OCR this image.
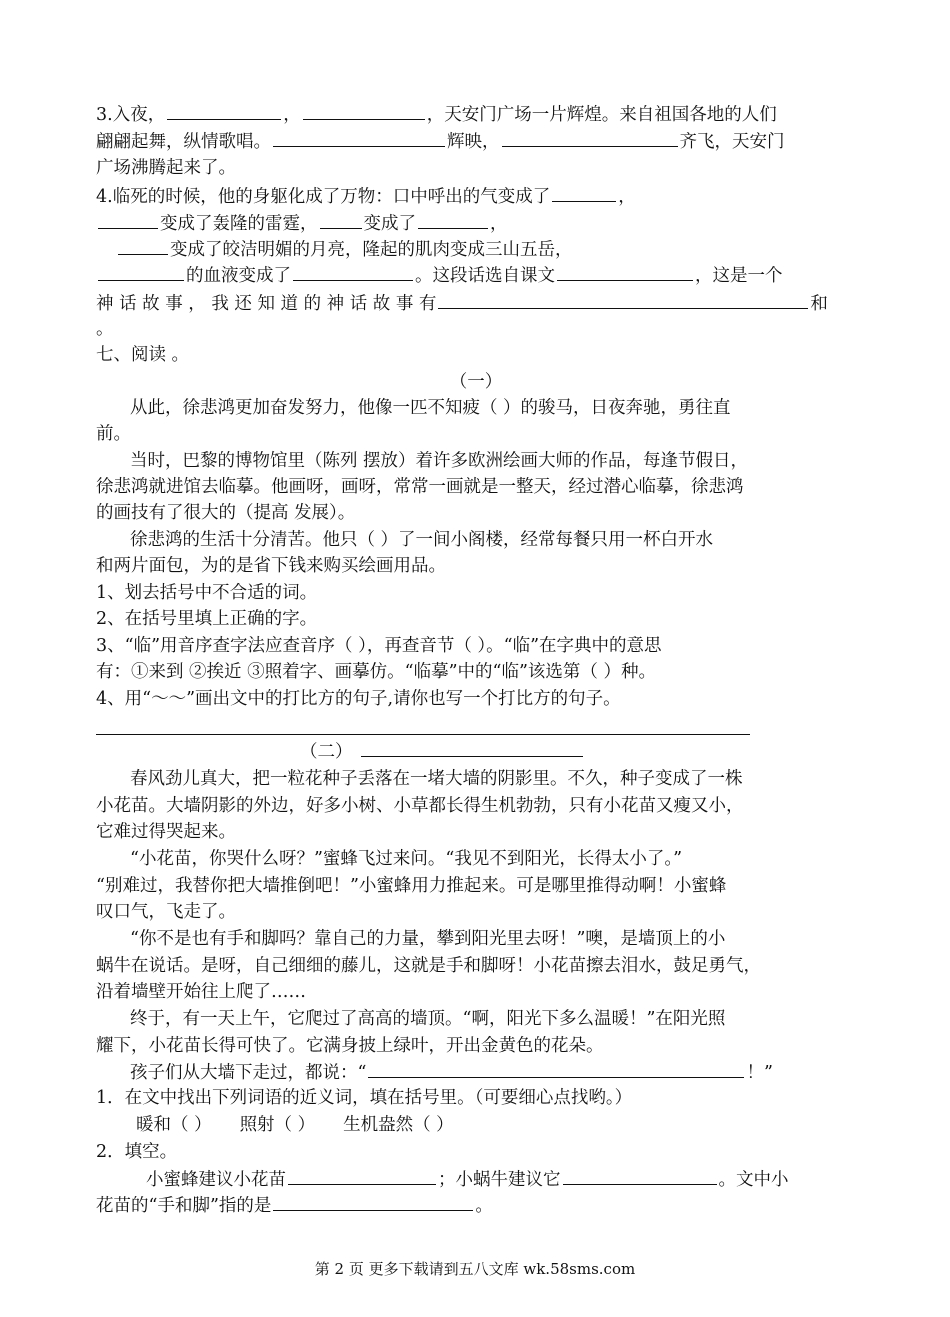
3.入夜，	，	，天安门广场一片辉煌。来自祖国各地的人们
翩翩起舞，纵情歌唱。	辉映，	齐飞，天安门
广场沸腾起来了。
4.临死的时候，他的身躯化成了万物：口中呼出的气变成了	，
变成了轰隆的雷霆，	变成了	，
变成了皎洁明媚的月亮，隆起的肌肉变成三山五岳，
的血液变成了	。这段话选自课文	，这是一个
神 话 故 事 ， 我 还 知 道 的 神 话 故 事 有	和
。
七、阅读 。
（一）
从此，徐悲鸿更加奋发努力，他像一匹不知疲（ ）的骏马，日夜奔驰，勇往直
前。
当时，巴黎的博物馆里（陈列 摆放）着许多欧洲绘画大师的作品，每逢节假日，
徐悲鸿就进馆去临摹。他画呀，画呀，常常一画就是一整天，经过潜心临摹，徐悲鸿
的画技有了很大的（提高 发展）。
徐悲鸿的生活十分清苦。他只（ ）了一间小阁楼，经常每餐只用一杯白开水
和两片面包，为的是省下钱来购买绘画用品。
1、划去括号中不合适的词。
2、在括号里填上正确的字。
3、“临”用音序查字法应查音序（ ），再查音节（ ）。“临”在字典中的意思
有：①来到 ②挨近 ③照着字、画摹仿。“临摹”中的“临”该选第（ ）种。
4、用“～～”画出文中的打比方的句子,请你也写一个打比方的句子。
（二）
春风劲儿真大，把一粒花种子丢落在一堵大墙的阴影里。不久，种子变成了一株
小花苗。大墙阴影的外边，好多小树、小草都长得生机勃勃，只有小花苗又瘦又小，
它难过得哭起来。
“小花苗，你哭什么呀？”蜜蜂飞过来问。“我见不到阳光，长得太小了。”
“别难过，我替你把大墙推倒吧！”小蜜蜂用力推起来。可是哪里推得动啊！小蜜蜂
叹口气，飞走了。
“你不是也有手和脚吗？靠自己的力量，攀到阳光里去呀！”噢，是墙顶上的小
蜗牛在说话。是呀，自己细细的藤儿，这就是手和脚呀！小花苗擦去泪水，鼓足勇气，
沿着墙壁开始往上爬了……
终于，有一天上午，它爬过了高高的墙顶。“啊，阳光下多么温暖！”在阳光照
耀下，小花苗长得可快了。它满身披上绿叶，开出金黄色的花朵。
孩子们从大墙下走过，都说：“	！”
1．在文中找出下列词语的近义词，填在括号里。（可要细心点找哟。）
暖和（ ） 照射（ ） 生机盎然（ ）
2．填空。
小蜜蜂建议小花苗	；小蜗牛建议它	。文中小
花苗的“手和脚”指的是	。
第 2 页 更多下载请到五八文库 wk.58sms.com
